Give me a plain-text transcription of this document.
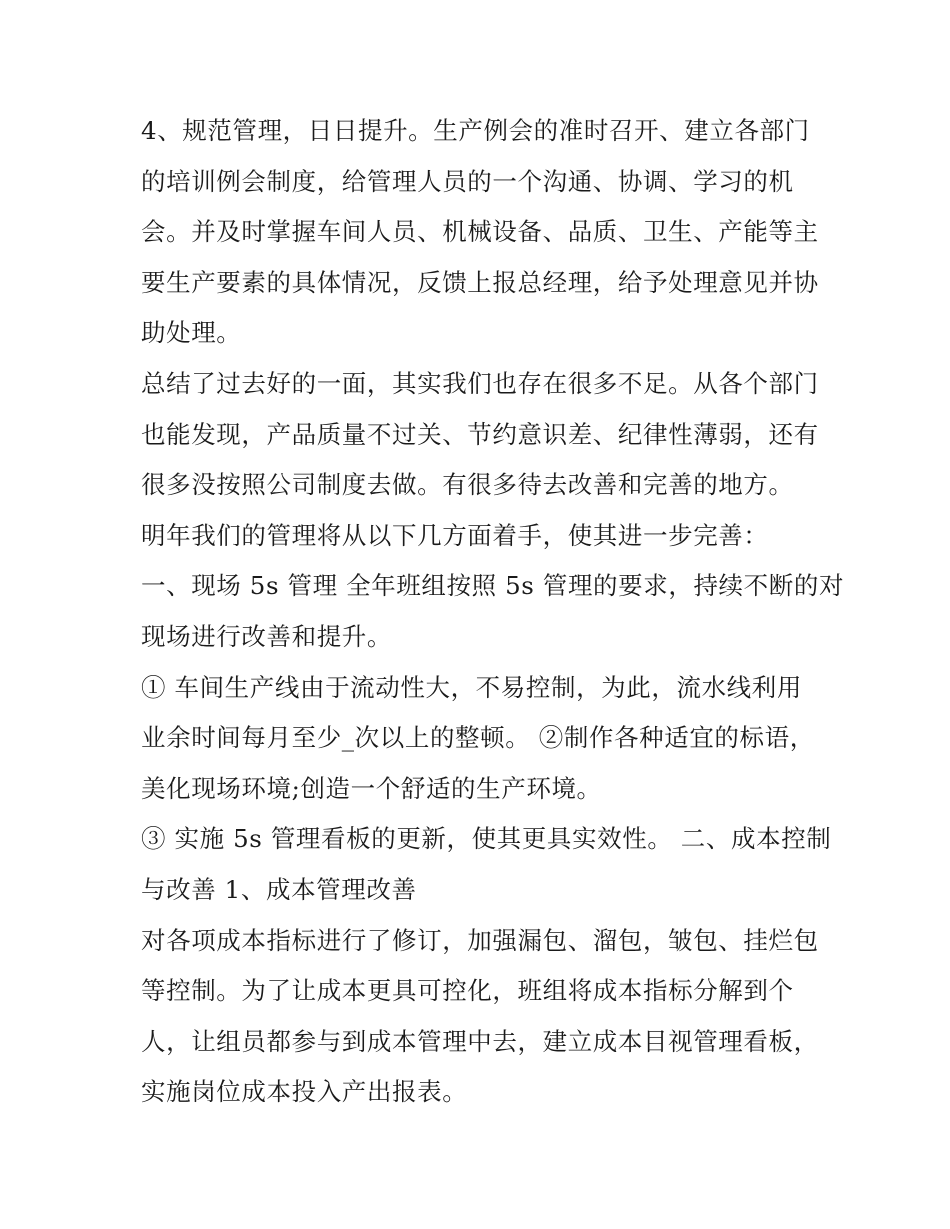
4、规范管理，日日提升。生产例会的准时召开、建立各部门
的培训例会制度，给管理人员的一个沟通、协调、学习的机
会。并及时掌握车间人员、机械设备、品质、卫生、产能等主
要生产要素的具体情况，反馈上报总经理，给予处理意见并协
助处理。
总结了过去好的一面，其实我们也存在很多不足。从各个部门
也能发现，产品质量不过关、节约意识差、纪律性薄弱，还有
很多没按照公司制度去做。有很多待去改善和完善的地方。
明年我们的管理将从以下几方面着手，使其进一步完善：
一、现场 5s 管理 全年班组按照 5s 管理的要求，持续不断的对
现场进行改善和提升。
① 车间生产线由于流动性大，不易控制，为此，流水线利用
业余时间每月至少_次以上的整顿。 ②制作各种适宜的标语，
美化现场环境;创造一个舒适的生产环境。
③ 实施 5s 管理看板的更新，使其更具实效性。 二、成本控制
与改善 1、成本管理改善
对各项成本指标进行了修订，加强漏包、溜包，皱包、挂烂包
等控制。为了让成本更具可控化，班组将成本指标分解到个
人，让组员都参与到成本管理中去，建立成本目视管理看板，
实施岗位成本投入产出报表。
